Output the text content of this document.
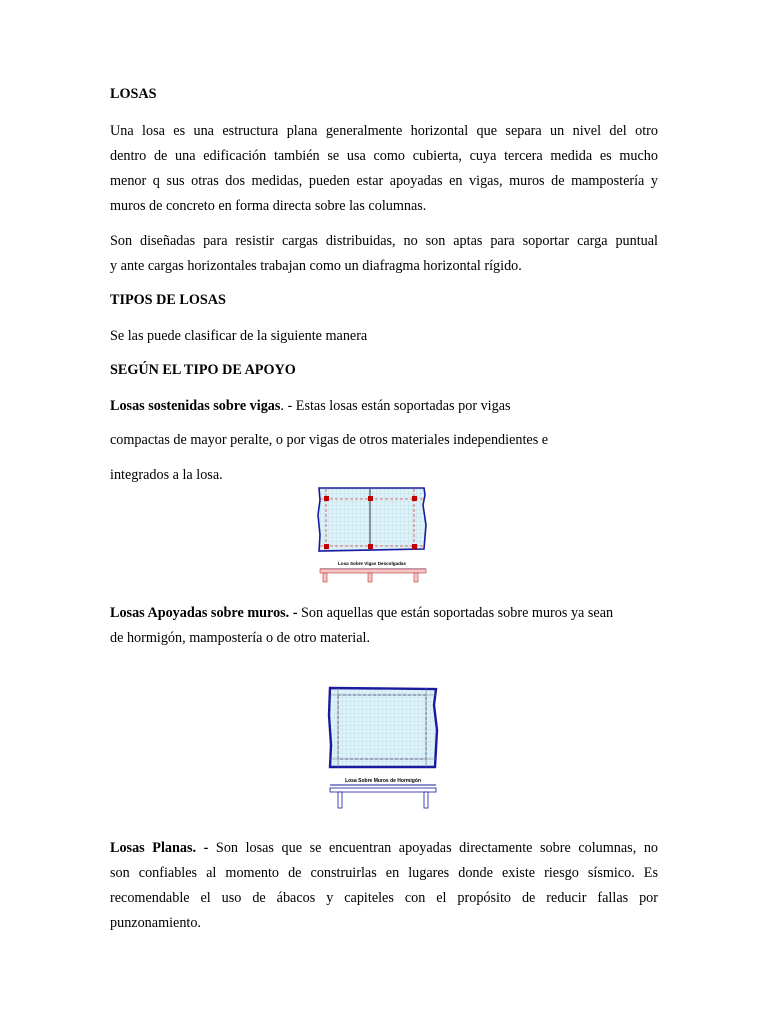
LOSAS
Una losa es una estructura plana generalmente horizontal que separa un nivel del otro
dentro de una edificación también se usa como cubierta, cuya tercera medida es mucho
menor q sus otras dos medidas, pueden estar apoyadas en vigas, muros de mampostería y
muros de concreto en forma directa sobre las columnas.
Son diseñadas para resistir cargas distribuidas, no son aptas para soportar carga puntual
y ante cargas horizontales trabajan como un diafragma horizontal rígido.
TIPOS DE LOSAS
Se las puede clasificar de la siguiente manera
SEGÚN EL TIPO DE APOYO
Losas sostenidas sobre vigas. - Estas losas están soportadas por vigas
compactas de mayor peralte, o por vigas de otros materiales independientes e
integrados a la losa.
Losas Apoyadas sobre muros. - Son aquellas que están soportadas sobre muros ya sean
de hormigón, mampostería o de otro material.
Losas Planas. - Son losas que se encuentran apoyadas directamente sobre columnas, no
son confiables al momento de construirlas en lugares donde existe riesgo sísmico. Es
recomendable el uso de ábacos y capiteles con el propósito de reducir fallas por
punzonamiento.
Losa Sobre Vigas Descolgadas
Losa Sobre Muros de Hormigón
